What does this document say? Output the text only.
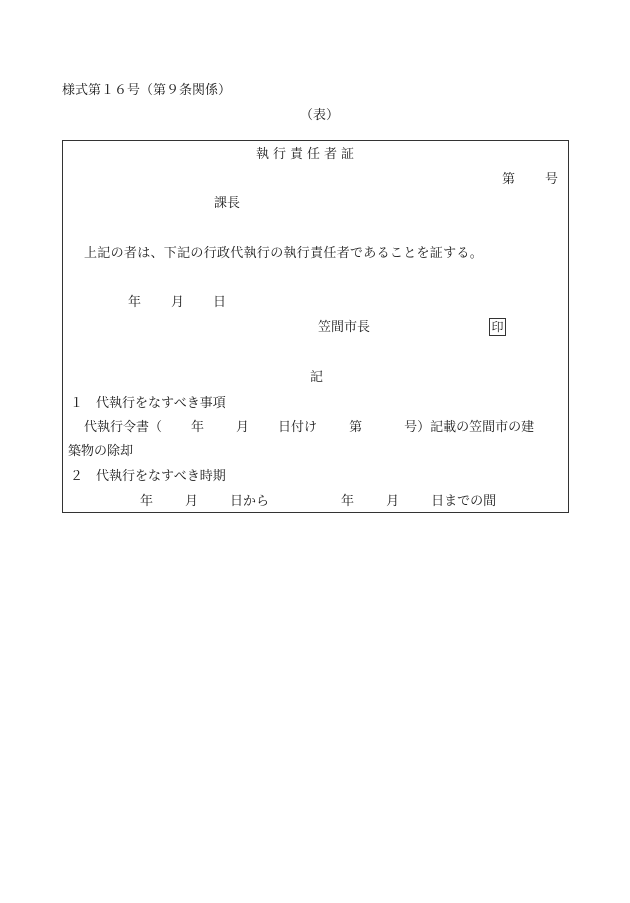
様式第１６号（第９条関係）
（表）
執行責任者証
第 号
課長
上記の者は、下記の行政代執行の執行責任者であることを証する。
年 月 日
笠間市長	印
記
１　代執行をなすべき事項
代執行令書（ 年 月 日付け 第	号）記載の笠間市の建
築物の除却
２　代執行をなすべき時期
年 月 日から	年 月 日までの間
